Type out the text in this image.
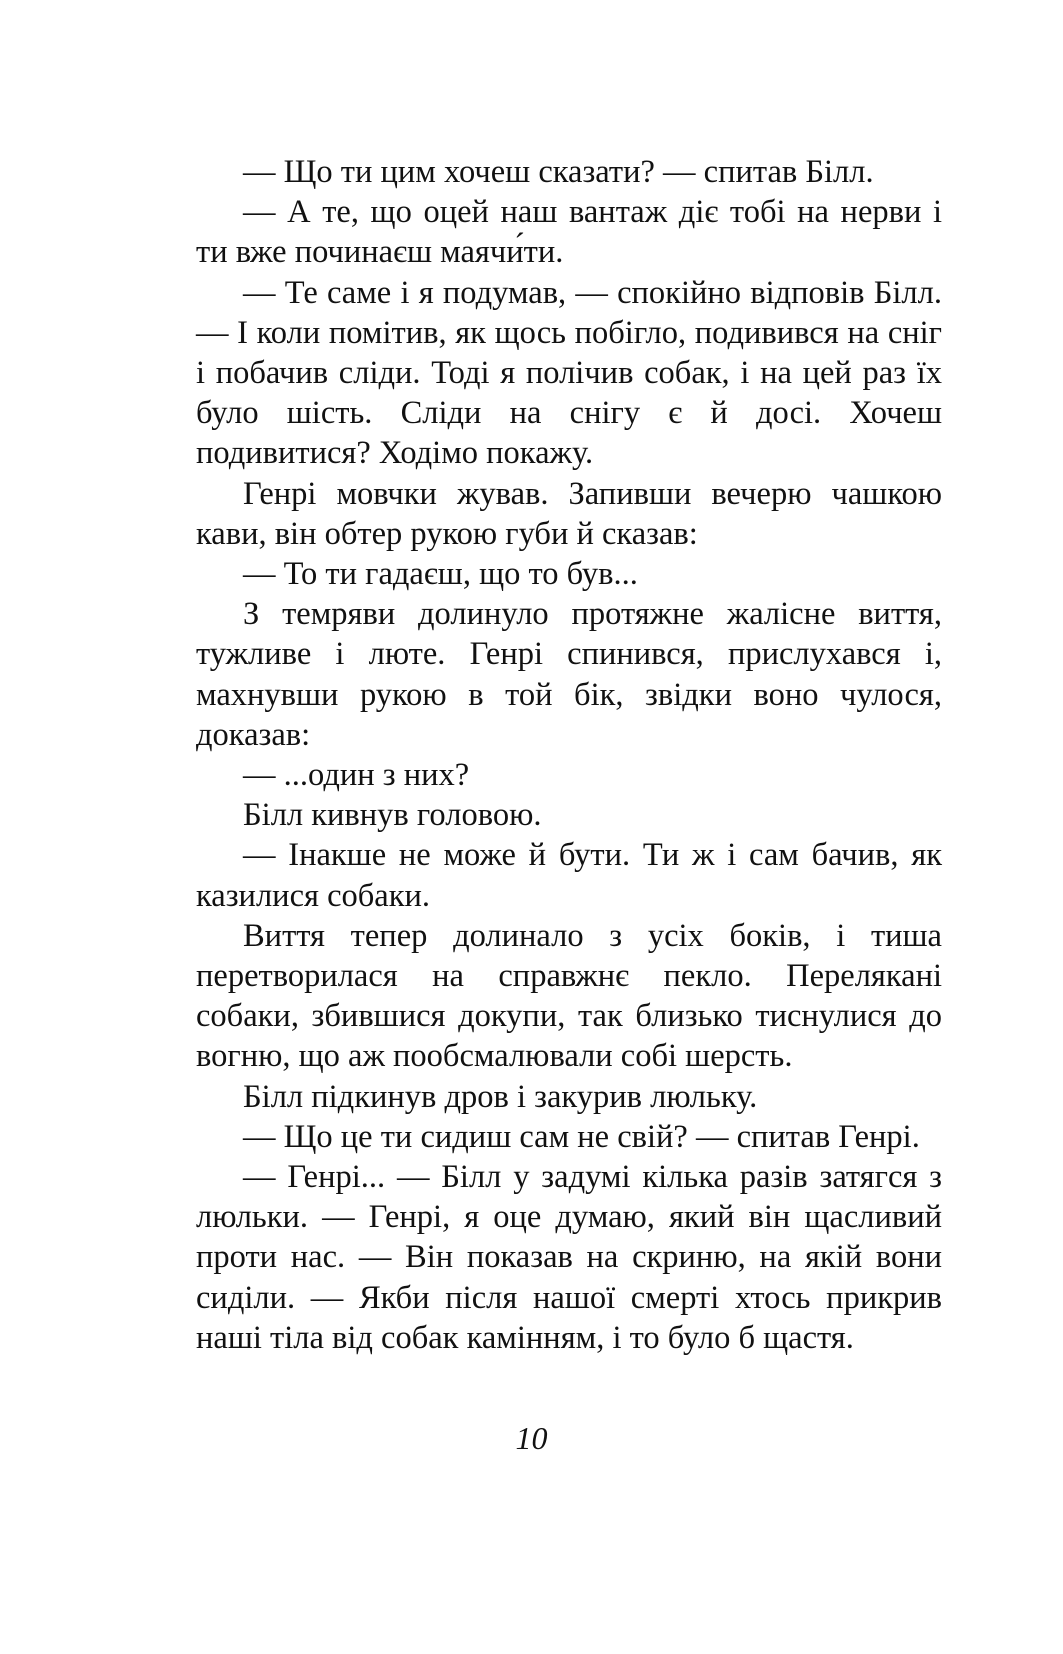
— Що ти цим хочеш сказати? — спитав Білл.

— А те, що оцей наш вантаж діє тобі на нерви і ти вже починаєш маячи́ти.

— Те саме і я подумав, — спокійно відповів Білл. — І коли помітив, як щось побігло, подивився на сніг і побачив сліди. Тоді я полічив собак, і на цей раз їх було шість. Сліди на снігу є й досі. Хочеш подивитися? Ходімо покажу.

Генрі мовчки жував. Запивши вечерю чашкою кави, він обтер рукою губи й сказав:

— То ти гадаєш, що то був...

З темряви долинуло протяжне жалісне виття, тужливе і люте. Генрі спинився, прислухався і, махнувши рукою в той бік, звідки воно чулося, доказав:

— ...один з них?

Білл кивнув головою.

— Інакше не може й бути. Ти ж і сам бачив, як казилися собаки.

Виття тепер долинало з усіх боків, і тиша перетворилася на справжнє пекло. Перелякані собаки, збившися докупи, так близько тиснулися до вогню, що аж пообсмалювали собі шерсть.

Білл підкинув дров і закурив люльку.

— Що це ти сидиш сам не свій? — спитав Генрі.

— Генрі... — Білл у задумі кілька разів затягся з люльки. — Генрі, я оце думаю, який він щасливий проти нас. — Він показав на скриню, на якій вони сиділи. — Якби після нашої смерті хтось прикрив наші тіла від собак камінням, і то було б щастя.

10
